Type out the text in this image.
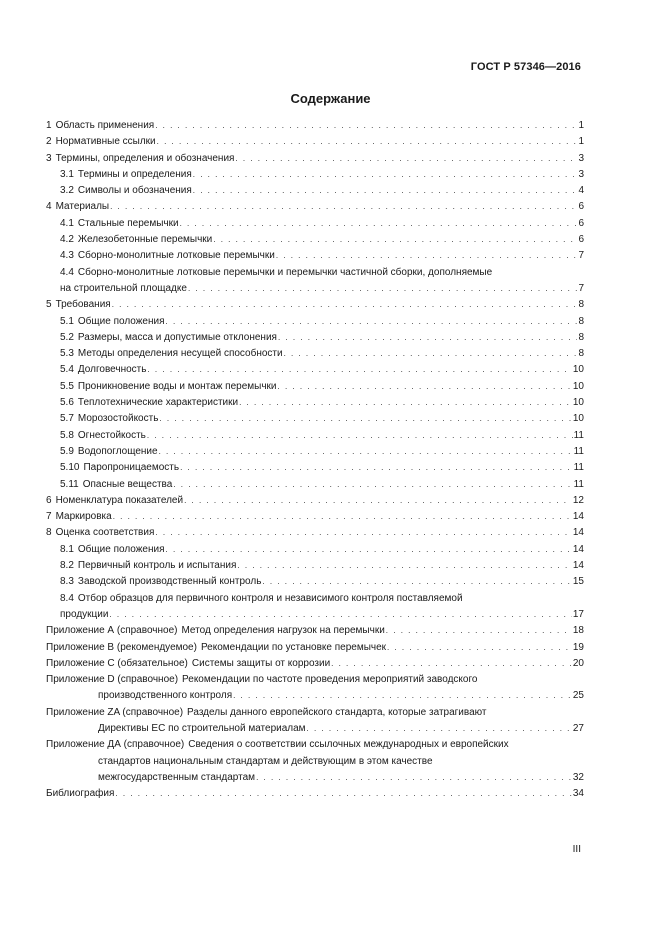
ГОСТ Р 57346—2016
Содержание
1 Область применения . . .	1
2 Нормативные ссылки . . .	1
3 Термины, определения и обозначения . . .	3
3.1 Термины и определения . . .	3
3.2 Символы и обозначения . . .	4
4 Материалы . . .	6
4.1 Стальные перемычки . . .	6
4.2 Железобетонные перемычки . . .	6
4.3 Сборно-монолитные лотковые перемычки . . .	7
4.4 Сборно-монолитные лотковые перемычки и перемычки частичной сборки, дополняемые
на строительной площадке . . .	7
5 Требования . . .	8
5.1 Общие положения . . .	8
5.2 Размеры, масса и допустимые отклонения . . .	8
5.3 Методы определения несущей способности . . .	8
5.4 Долговечность . . .	10
5.5 Проникновение воды и монтаж перемычки . . .	10
5.6 Теплотехнические характеристики . . .	10
5.7 Морозостойкость . . .	10
5.8 Огнестойкость . . .	11
5.9 Водопоглощение . . .	11
5.10 Паропроницаемость . . .	11
5.11 Опасные вещества . . .	11
6 Номенклатура показателей . . .	12
7 Маркировка . . .	14
8 Оценка соответствия . . .	14
8.1 Общие положения . . .	14
8.2 Первичный контроль и испытания . . .	14
8.3 Заводской производственный контроль . . .	15
8.4 Отбор образцов для первичного контроля и независимого контроля поставляемой
продукции . . .	17
Приложение А (справочное) Метод определения нагрузок на перемычки . . .	18
Приложение В (рекомендуемое) Рекомендации по установке перемычек . . .	19
Приложение С (обязательное) Системы защиты от коррозии . . .	20
Приложение D (справочное) Рекомендации по частоте проведения мероприятий заводского
производственного контроля . . .	25
Приложение ZA (справочное) Разделы данного европейского стандарта, которые затрагивают
Директивы ЕС по строительной материалам . . .	27
Приложение ДА (справочное) Сведения о соответствии ссылочных международных и европейских
стандартов национальным стандартам и действующим в этом качестве
межгосударственным стандартам . . .	32
Библиография . . .	34
III
